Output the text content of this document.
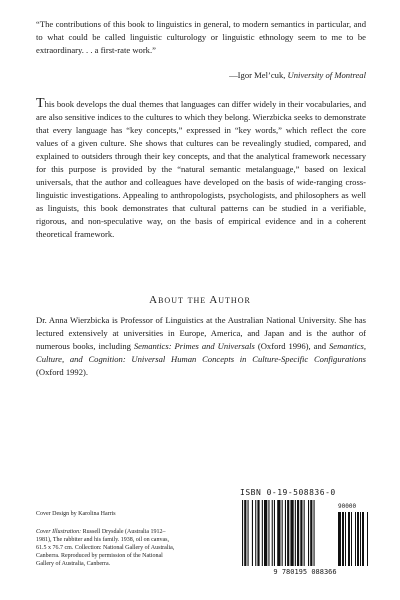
“The contributions of this book to linguistics in general, to modern semantics in particular, and to what could be called linguistic culturology or linguistic ethnology seem to me to be extraordinary. . . a first-rate work.”
—Igor Mel’cuk, University of Montreal
This book develops the dual themes that languages can differ widely in their vocabularies, and are also sensitive indices to the cultures to which they belong. Wierzbicka seeks to demonstrate that every language has “key concepts,” expressed in “key words,” which reflect the core values of a given culture. She shows that cultures can be revealingly studied, compared, and explained to outsiders through their key concepts, and that the analytical framework necessary for this purpose is provided by the “natural semantic metalanguage,” based on lexical universals, that the author and colleagues have developed on the basis of wide-ranging cross-linguistic investigations. Appealing to anthropologists, psychologists, and philosophers as well as linguists, this book demonstrates that cultural patterns can be studied in a verifiable, rigorous, and non-speculative way, on the basis of empirical evidence and in a coherent theoretical framework.
About the Author
Dr. Anna Wierzbicka is Professor of Linguistics at the Australian National University. She has lectured extensively at universities in Europe, America, and Japan and is the author of numerous books, including Semantics: Primes and Universals (Oxford 1996), and Semantics, Culture, and Cognition: Universal Human Concepts in Culture-Specific Configurations (Oxford 1992).
Cover Design by Karolina Harris
Cover Illustration: Russell Drysdale (Australia 1912–1981), The rabbiter and his family. 1938, oil on canvas, 61.5 x 76.7 cm. Collection: National Gallery of Australia, Canberra. Reproduced by permission of the National Gallery of Australia, Canberra.
ISBN 0-19-508836-0
90000
9 780195 088366
